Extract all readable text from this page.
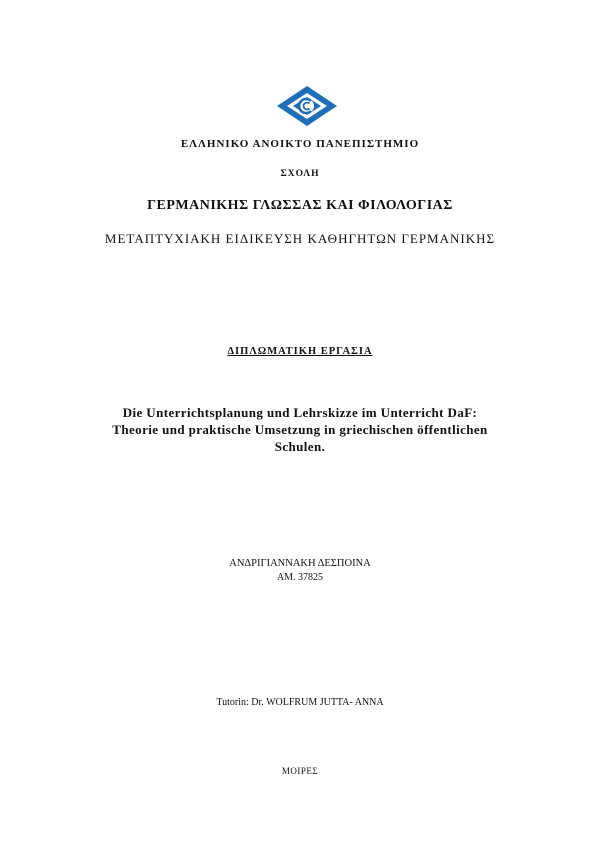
ΕΛΛΗΝΙΚΟ ΑΝΟΙΚΤΟ ΠΑΝΕΠΙΣΤΗΜΙΟ
ΣΧΟΛΗ
ΓΕΡΜΑΝΙΚΗΣ ΓΛΩΣΣΑΣ ΚΑΙ ΦΙΛΟΛΟΓΙΑΣ
ΜΕΤΑΠΤΥΧΙΑΚΗ ΕΙΔΙΚΕΥΣΗ ΚΑΘΗΓΗΤΩΝ ΓΕΡΜΑΝΙΚΗΣ
ΔΙΠΛΩΜΑΤΙΚΗ ΕΡΓΑΣΙΑ
Die Unterrichtsplanung und Lehrskizze im Unterricht DaF:
Theorie und praktische Umsetzung in griechischen öffentlichen
Schulen.
ΑΝΔΡΙΓΙΑΝΝΑΚΗ ΔΕΣΠΟΙΝΑ
ΑΜ. 37825
Tutorin: Dr. WOLFRUM JUTTA- ANNA
ΜΟΙΡΕΣ
